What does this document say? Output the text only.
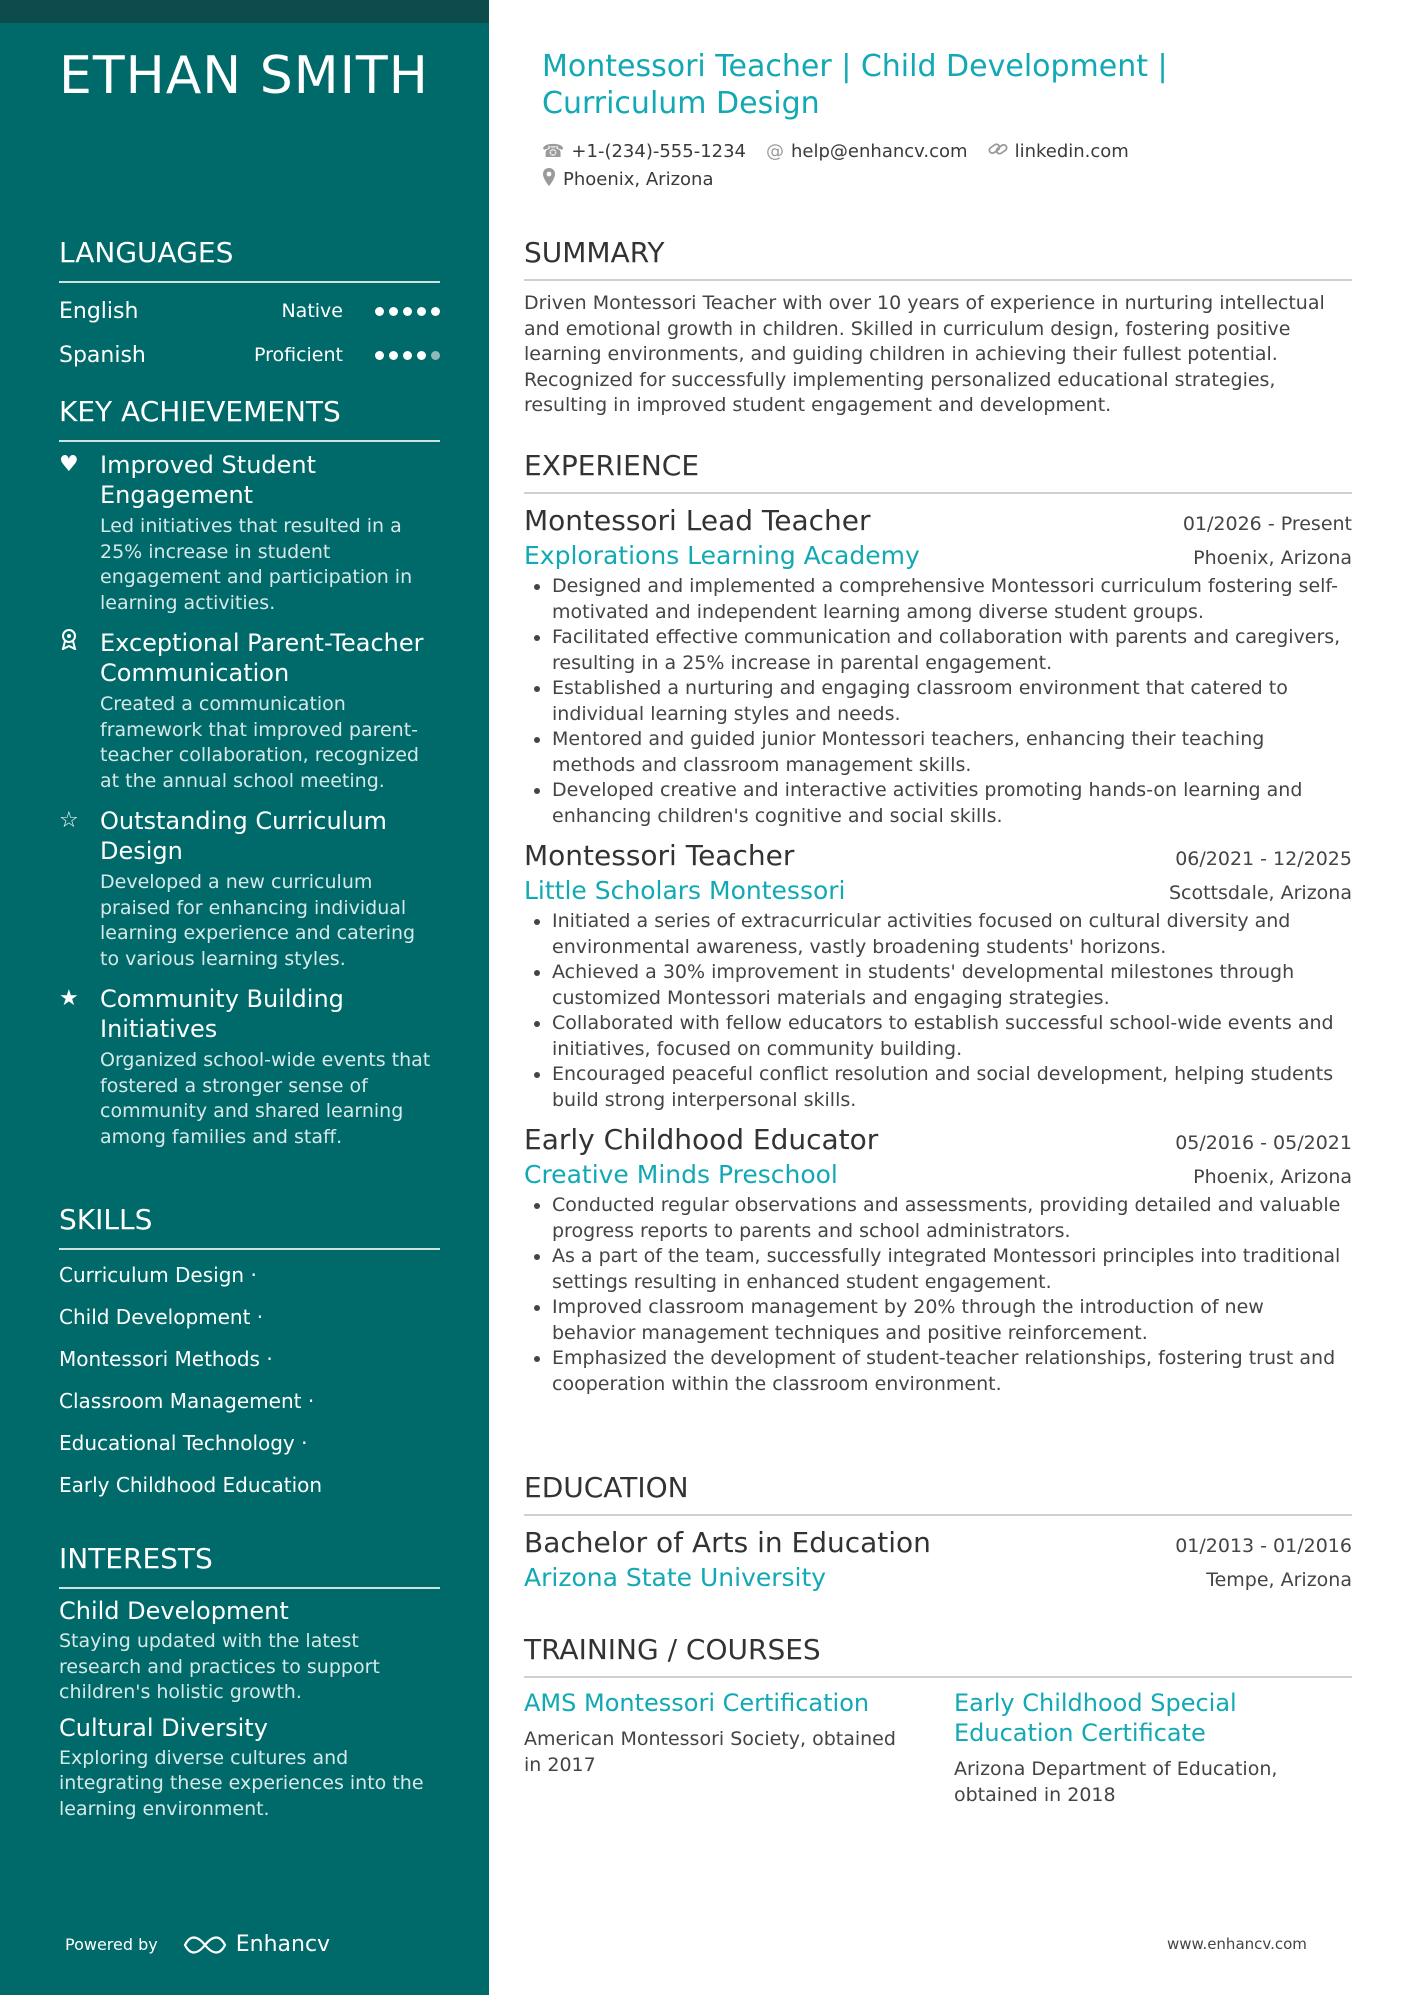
ETHAN SMITH
LANGUAGES
English	Native
Spanish	Proficient
KEY ACHIEVEMENTS
♥ Improved Student Engagement
Led initiatives that resulted in a 25% increase in student engagement and participation in learning activities.
Exceptional Parent-Teacher Communication
Created a communication framework that improved parent-teacher collaboration, recognized at the annual school meeting.
☆ Outstanding Curriculum Design
Developed a new curriculum praised for enhancing individual learning experience and catering to various learning styles.
★ Community Building Initiatives
Organized school-wide events that fostered a stronger sense of community and shared learning among families and staff.
SKILLS
Curriculum Design ·
Child Development ·
Montessori Methods ·
Classroom Management ·
Educational Technology ·
Early Childhood Education
INTERESTS
Child Development
Staying updated with the latest research and practices to support children's holistic growth.
Cultural Diversity
Exploring diverse cultures and integrating these experiences into the learning environment.
Powered by	Enhancv
Montessori Teacher | Child Development | Curriculum Design
☎ +1-(234)-555-1234 @ help@enhancv.com	linkedin.com
Phoenix, Arizona
SUMMARY
Driven Montessori Teacher with over 10 years of experience in nurturing intellectual and emotional growth in children. Skilled in curriculum design, fostering positive learning environments, and guiding children in achieving their fullest potential. Recognized for successfully implementing personalized educational strategies, resulting in improved student engagement and development.
EXPERIENCE
Montessori Lead Teacher	01/2026 - Present
Explorations Learning Academy	Phoenix, Arizona
• Designed and implemented a comprehensive Montessori curriculum fostering self-motivated and independent learning among diverse student groups.
• Facilitated effective communication and collaboration with parents and caregivers, resulting in a 25% increase in parental engagement.
• Established a nurturing and engaging classroom environment that catered to individual learning styles and needs.
• Mentored and guided junior Montessori teachers, enhancing their teaching methods and classroom management skills.
• Developed creative and interactive activities promoting hands-on learning and enhancing children's cognitive and social skills.
Montessori Teacher	06/2021 - 12/2025
Little Scholars Montessori	Scottsdale, Arizona
• Initiated a series of extracurricular activities focused on cultural diversity and environmental awareness, vastly broadening students' horizons.
• Achieved a 30% improvement in students' developmental milestones through customized Montessori materials and engaging strategies.
• Collaborated with fellow educators to establish successful school-wide events and initiatives, focused on community building.
• Encouraged peaceful conflict resolution and social development, helping students build strong interpersonal skills.
Early Childhood Educator	05/2016 - 05/2021
Creative Minds Preschool	Phoenix, Arizona
• Conducted regular observations and assessments, providing detailed and valuable progress reports to parents and school administrators.
• As a part of the team, successfully integrated Montessori principles into traditional settings resulting in enhanced student engagement.
• Improved classroom management by 20% through the introduction of new behavior management techniques and positive reinforcement.
• Emphasized the development of student-teacher relationships, fostering trust and cooperation within the classroom environment.
EDUCATION
Bachelor of Arts in Education	01/2013 - 01/2016
Arizona State University	Tempe, Arizona
TRAINING / COURSES
AMS Montessori Certification
American Montessori Society, obtained in 2017
Early Childhood Special Education Certificate
Arizona Department of Education, obtained in 2018
www.enhancv.com
